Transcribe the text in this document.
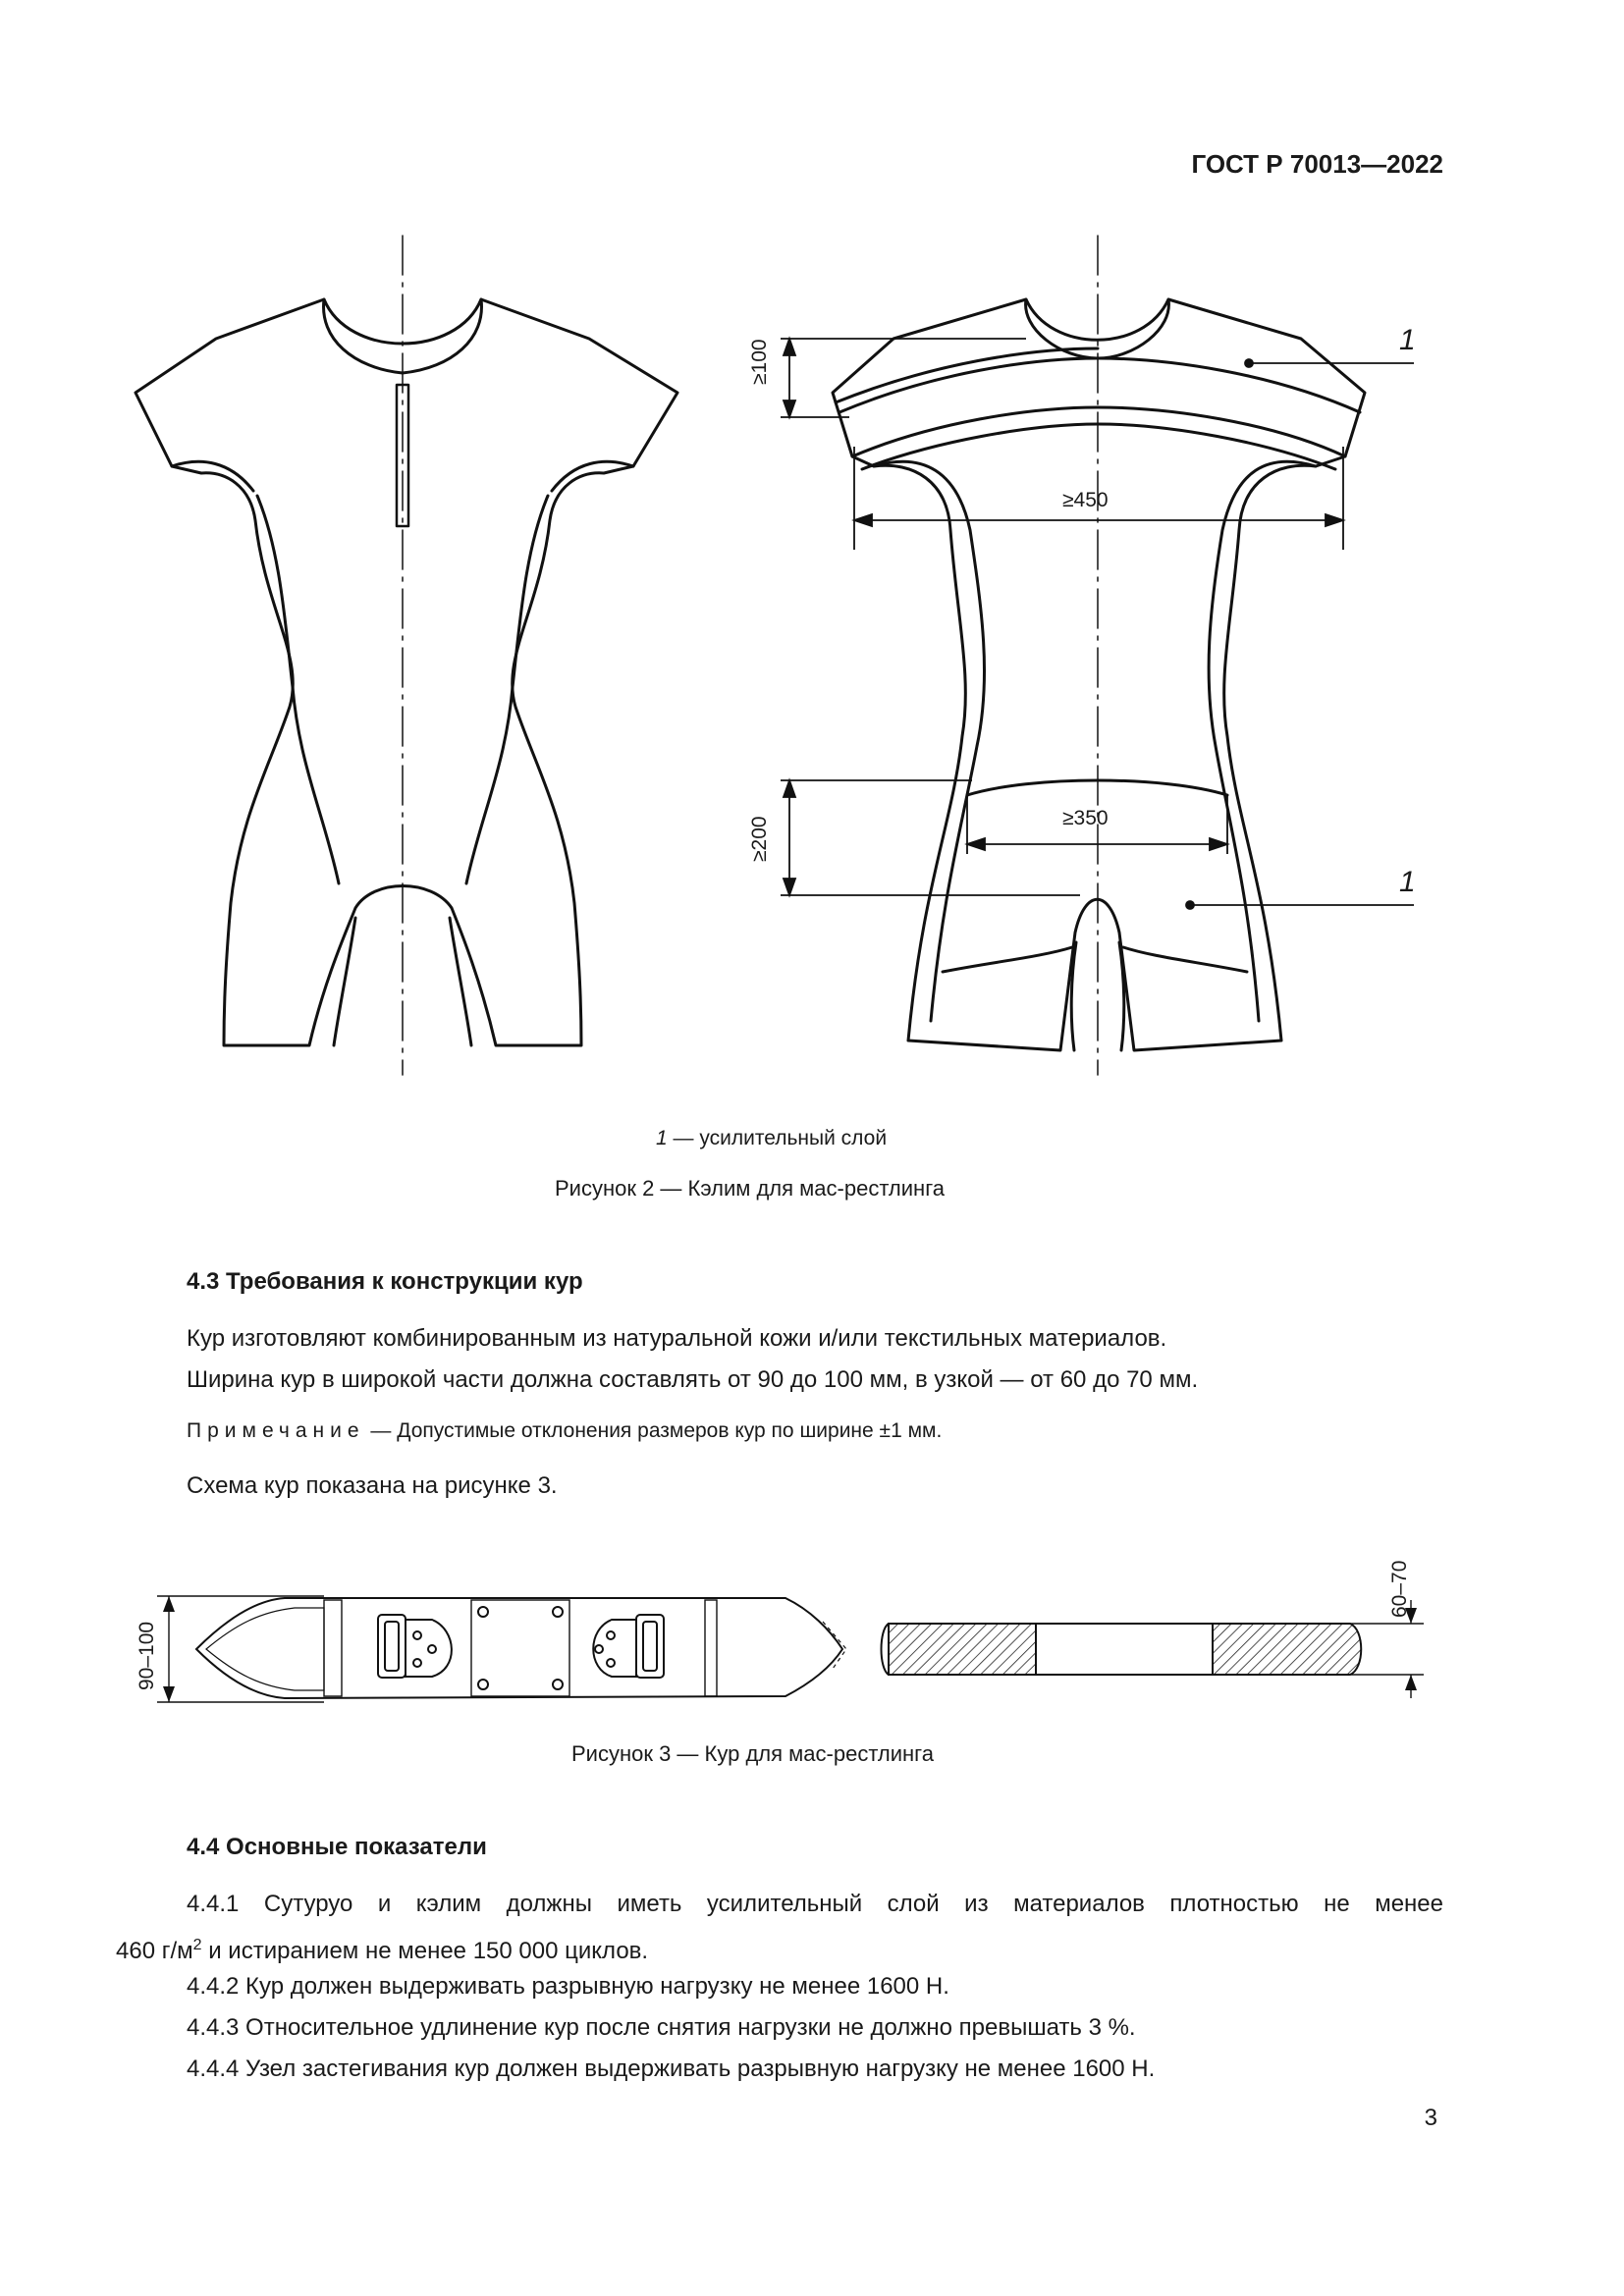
ГОСТ Р 70013—2022
≥100
≥450
≥200	≥350
1
1
1 — усилительный слой
Рисунок 2 — Кэлим для мас-рестлинга
4.3 Требования к конструкции кур
Кур изготовляют комбинированным из натуральной кожи и/или текстильных материалов.
Ширина кур в широкой части должна составлять от 90 до 100 мм, в узкой — от 60 до 70 мм.
Примечание — Допустимые отклонения размеров кур по ширине ±1 мм.
Схема кур показана на рисунке 3.
90–100
60–70
Рисунок 3 — Кур для мас-рестлинга
4.4 Основные показатели
4.4.1 Сутуруо и кэлим должны иметь усилительный слой из материалов плотностью не менее
460 $г/м^2$ и истиранием не менее 150 000 циклов.
4.4.2 Кур должен выдерживать разрывную нагрузку не менее 1600 Н.
4.4.3 Относительное удлинение кур после снятия нагрузки не должно превышать 3 %.
4.4.4 Узел застегивания кур должен выдерживать разрывную нагрузку не менее 1600 Н.
3
